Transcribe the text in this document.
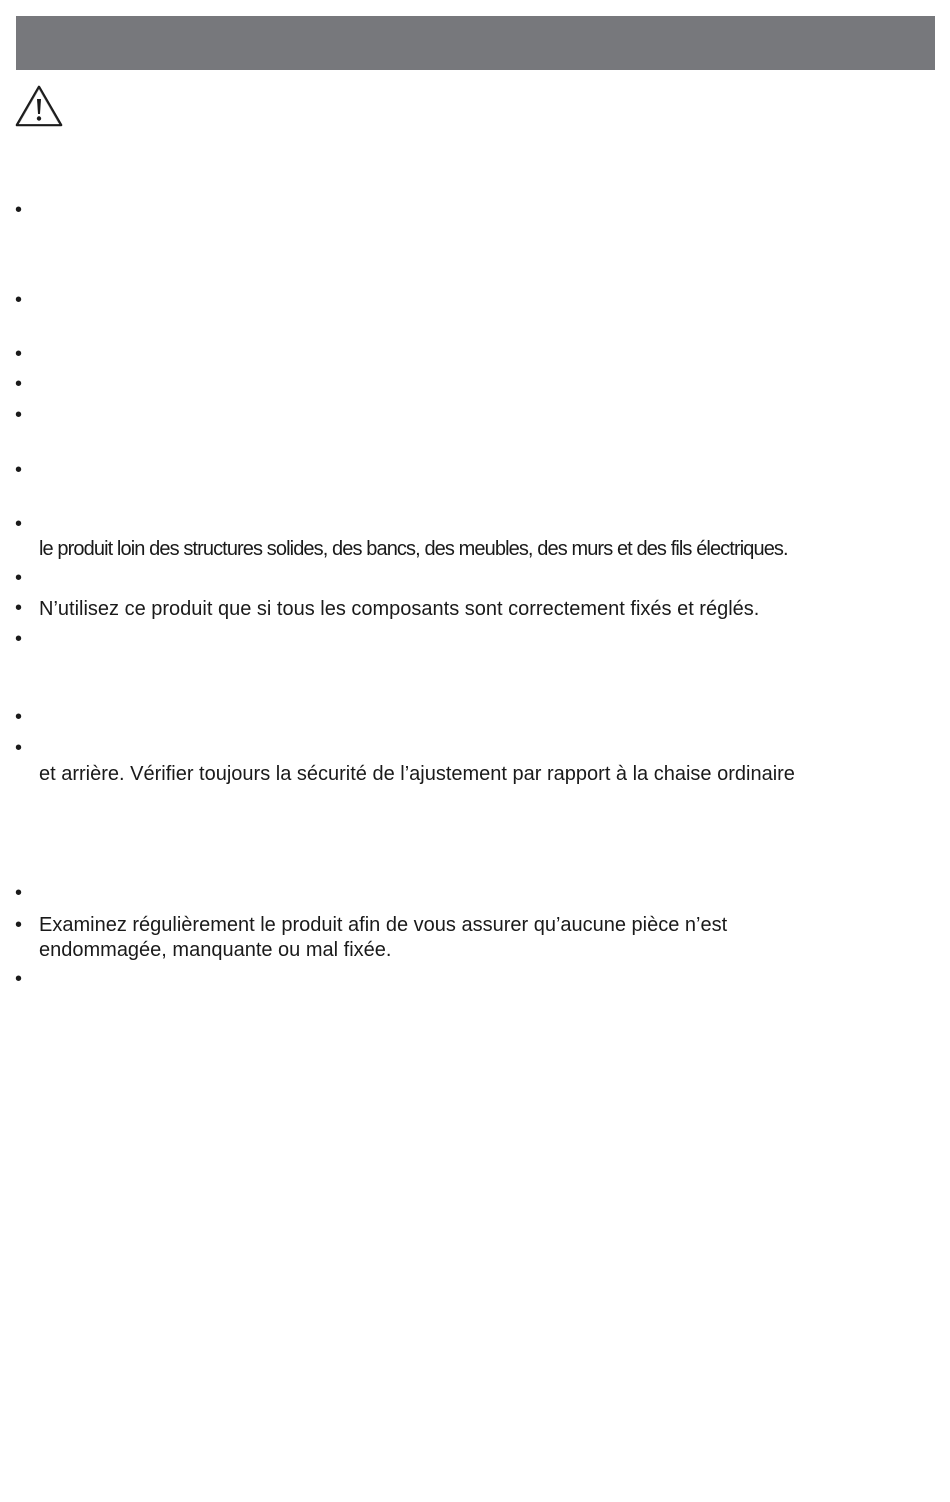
•
•
•
•
•
•
•
•
•
•
•
•
•
•
•
le produit loin des structures solides, des bancs, des meubles, des murs et des fils électriques.
N’utilisez ce produit que si tous les composants sont correctement fixés et réglés.
et arrière. Vérifier toujours la sécurité de l’ajustement par rapport à la chaise ordinaire
Examinez régulièrement le produit afin de vous assurer qu’aucune pièce n’est
endommagée, manquante ou mal fixée.
